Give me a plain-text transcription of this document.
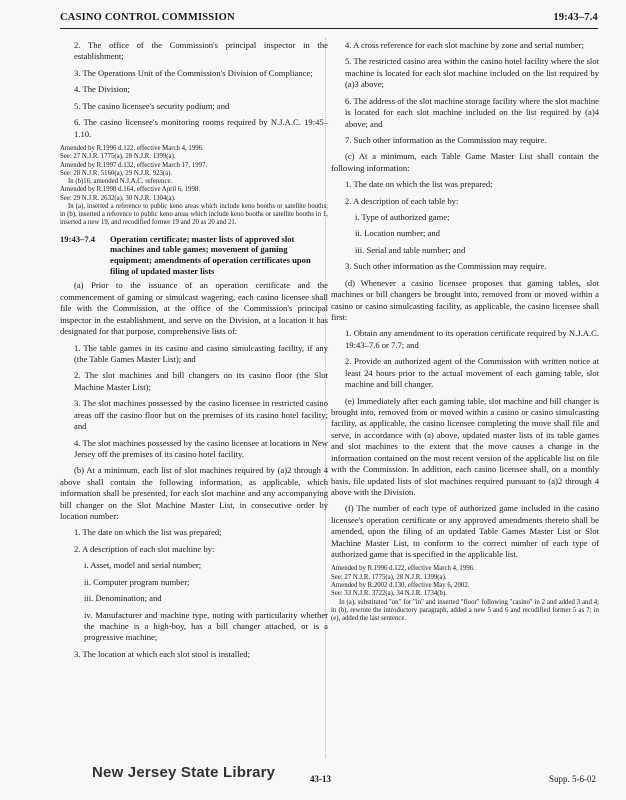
CASINO CONTROL COMMISSION	19:43–7.4

2. The office of the Commission's principal inspector in the establishment;

3. The Operations Unit of the Commission's Division of Compliance;

4. The Division;

5. The casino licensee's security podium; and

6. The casino licensee's monitoring rooms required by N.J.A.C. 19:45–1.10.

Amended by R.1996 d.122, effective March 4, 1996.
See: 27 N.J.R. 1775(a), 28 N.J.R. 1399(a).
Amended by R.1997 d.132, effective March 17, 1997.
See: 28 N.J.R. 5160(a), 29 N.J.R. 923(a).
In (b)16, amended N.J.A.C. reference.
Amended by R.1998 d.164, effective April 6, 1998.
See: 29 N.J.R. 2632(a), 30 N.J.R. 1304(a).
In (a), inserted a reference to public keno areas which include keno booths or satellite booths; in (b), inserted a reference to public keno areas which include keno booths or satellite booths in 1, inserted a new 19, and recodified former 19 and 20 as 20 and 21.
19:43–7.4	Operation certificate; master lists of approved slot machines and table games; movement of gaming equipment; amendments of operation certificates upon filing of updated master lists

(a) Prior to the issuance of an operation certificate and the commencement of gaming or simulcast wagering, each casino licensee shall file with the Commission, at the office of the Commission's principal inspector in the establishment, and serve on the Division, at a location it has designated for that purpose, comprehensive lists of:

1. The table games in its casino and casino simulcasting facility, if any (the Table Games Master List); and

2. The slot machines and bill changers on its casino floor (the Slot Machine Master List);

3. The slot machines possessed by the casino licensee in restricted casino areas off the casino floor but on the premises of its casino hotel facility; and

4. The slot machines possessed by the casino licensee at locations in New Jersey off the premises of its casino hotel facility.

(b) At a minimum, each list of slot machines required by (a)2 through 4 above shall contain the following information, as applicable, which information shall be presented, for each slot machine and any accompanying bill changer on the Slot Machine Master List, in consecutive order by location number:

1. The date on which the list was prepared;

2. A description of each slot machine by:

i. Asset, model and serial number;

ii. Computer program number;

iii. Denomination; and

iv. Manufacturer and machine type, noting with particularity whether the machine is a high-boy, has a bill changer attached, or is a progressive machine;

3. The location at which each slot stool is installed;

4. A cross reference for each slot machine by zone and serial number;

5. The restricted casino area within the casino hotel facility where the slot machine is located for each slot machine included on the list required by (a)3 above;

6. The address of the slot machine storage facility where the slot machine is located for each slot machine included on the list required by (a)4 above; and

7. Such other information as the Commission may require.

(c) At a minimum, each Table Game Master List shall contain the following information:

1. The date on which the list was prepared;

2. A description of each table by:

i. Type of authorized game;

ii. Location number; and

iii. Serial and table number; and

3. Such other information as the Commission may require.

(d) Whenever a casino licensee proposes that gaming tables, slot machines or bill changers be brought into, removed from or moved within a casino or casino simulcasting facility, as applicable, the casino licensee shall first:

1. Obtain any amendment to its operation certificate required by N.J.A.C. 19:43–7.6 or 7.7; and

2. Provide an authorized agent of the Commission with written notice at least 24 hours prior to the actual movement of each gaming table, slot machine and bill changer.

(e) Immediately after each gaming table, slot machine and bill changer is brought into, removed from or moved within a casino or casino simulcasting facility, as applicable, the casino licensee completing the move shall file and serve, in accordance with (a) above, updated master lists of its table games and slot machines to the extent that the move causes a change in the information contained on the most recent version of the applicable list on file with the Commission. In addition, each casino licensee shall, on a monthly basis, file updated lists of slot machines required pursuant to (a)2 through 4 above with the Division.

(f) The number of each type of authorized game included in the casino licensee's operation certificate or any approved amendments thereto shall be amended, upon the filing of an updated Table Games Master List or Slot Machine Master List, to conform to the correct number of each type of authorized game that is specified in the applicable list.

Amended by R.1996 d.122, effective March 4, 1996.
See: 27 N.J.R. 1775(a), 28 N.J.R. 1399(a).
Amended by R.2002 d.130, effective May 6, 2002.
See: 33 N.J.R. 3722(a), 34 N.J.R. 1734(b).
In (a), substituted "on" for "in" and inserted "floor" following "casino" in 2 and added 3 and 4; in (b), rewrote the introductory paragraph, added a new 5 and 6 and recodified former 5 as 7; in (e), added the last sentence.
New Jersey State Library	43-13	Supp. 5-6-02
